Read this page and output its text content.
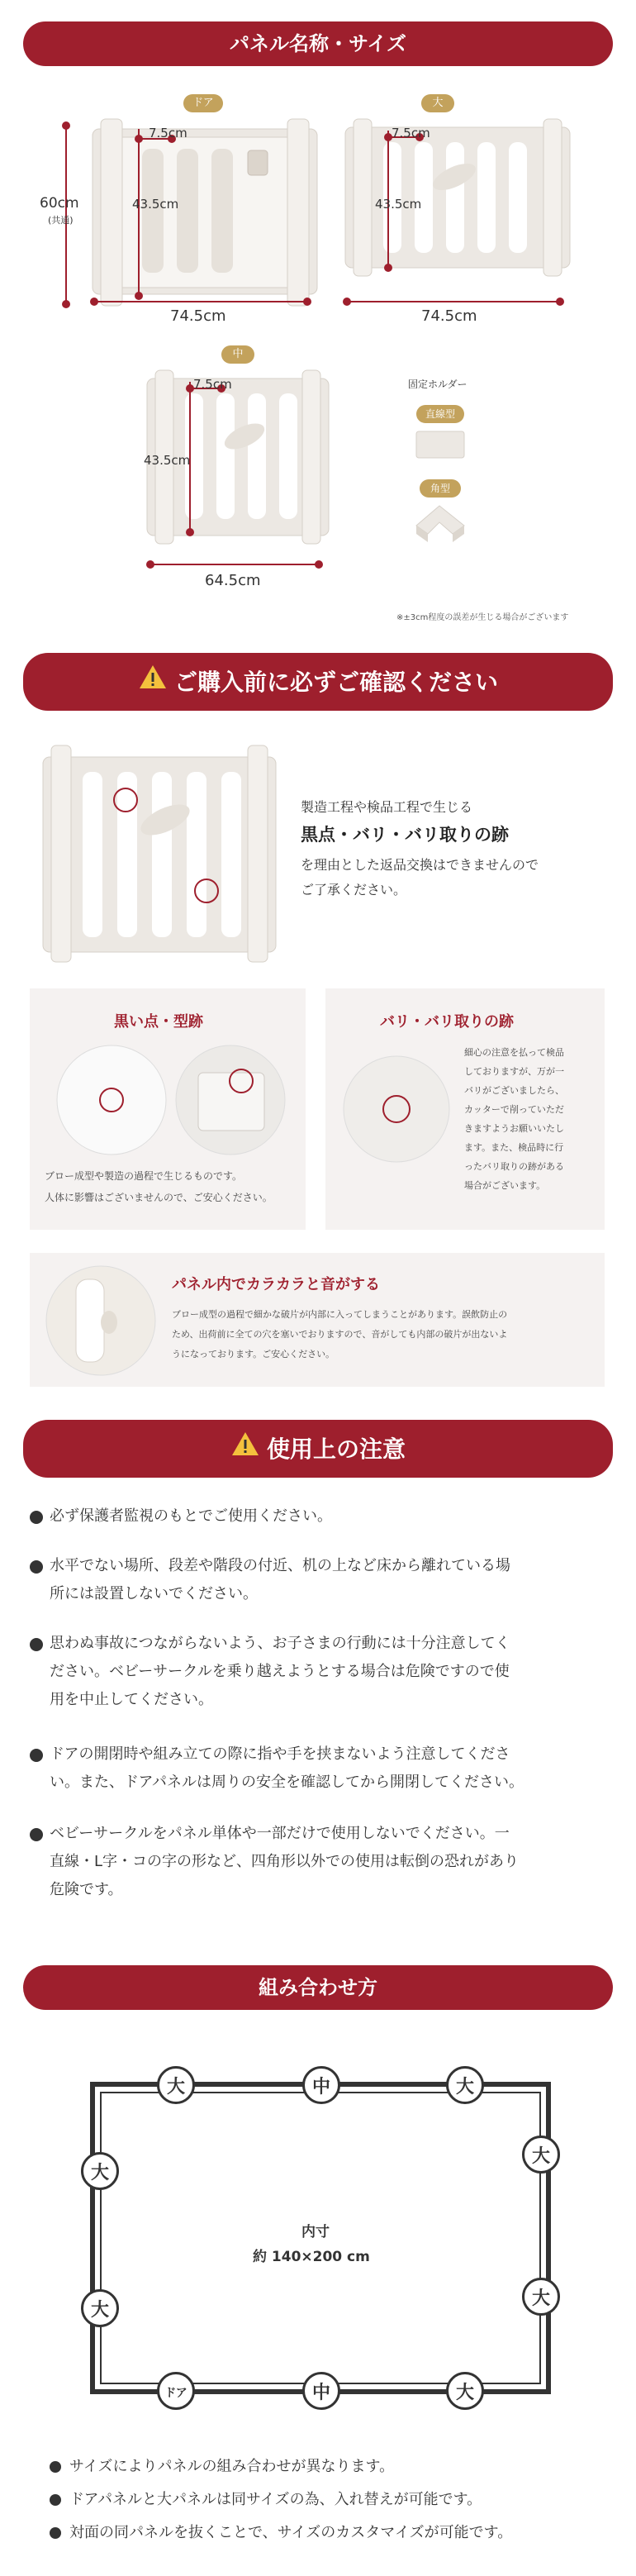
パネル名称・サイズ
60cm
(共通)
ドア
7.5cm
43.5cm
74.5cm
大
7.5cm
43.5cm
74.5cm
中
7.5cm
43.5cm
64.5cm
固定ホルダー
直線型
角型
※±3cm程度の誤差が生じる場合がございます
ご購入前に必ずご確認ください
製造工程や検品工程で生じる
黒点・バリ・バリ取りの跡
を理由とした返品交換はできませんので
ご了承ください。
黒い点・型跡
ブロー成型や製造の過程で生じるものです。
人体に影響はございませんので、ご安心ください。
バリ・バリ取りの跡
細心の注意を払って検品
しておりますが、万が一
バリがございましたら、
カッターで削っていただ
きますようお願いいたし
ます。また、検品時に行
ったバリ取りの跡がある
場合がございます。
パネル内でカラカラと音がする
ブロー成型の過程で細かな破片が内部に入ってしまうことがあります。誤飲防止の
ため、出荷前に全ての穴を塞いでおりますので、音がしても内部の破片が出ないよ
うになっております。ご安心ください。
使用上の注意
必ず保護者監視のもとでご使用ください。
水平でない場所、段差や階段の付近、机の上など床から離れている場
所には設置しないでください。
思わぬ事故につながらないよう、お子さまの行動には十分注意してく
ださい。ベビーサークルを乗り越えようとする場合は危険ですので使
用を中止してください。
ドアの開閉時や組み立ての際に指や手を挟まないよう注意してくださ
い。また、ドアパネルは周りの安全を確認してから開閉してください。
ベビーサークルをパネル単体や一部だけで使用しないでください。一
直線・L字・コの字の形など、四角形以外での使用は転倒の恐れがあり
危険です。
組み合わせ方
大	中	大
大
大
大
大
ドア	中	大
内寸
約 140×200 cm
サイズによりパネルの組み合わせが異なります。
ドアパネルと大パネルは同サイズの為、入れ替えが可能です。
対面の同パネルを抜くことで、サイズのカスタマイズが可能です。
